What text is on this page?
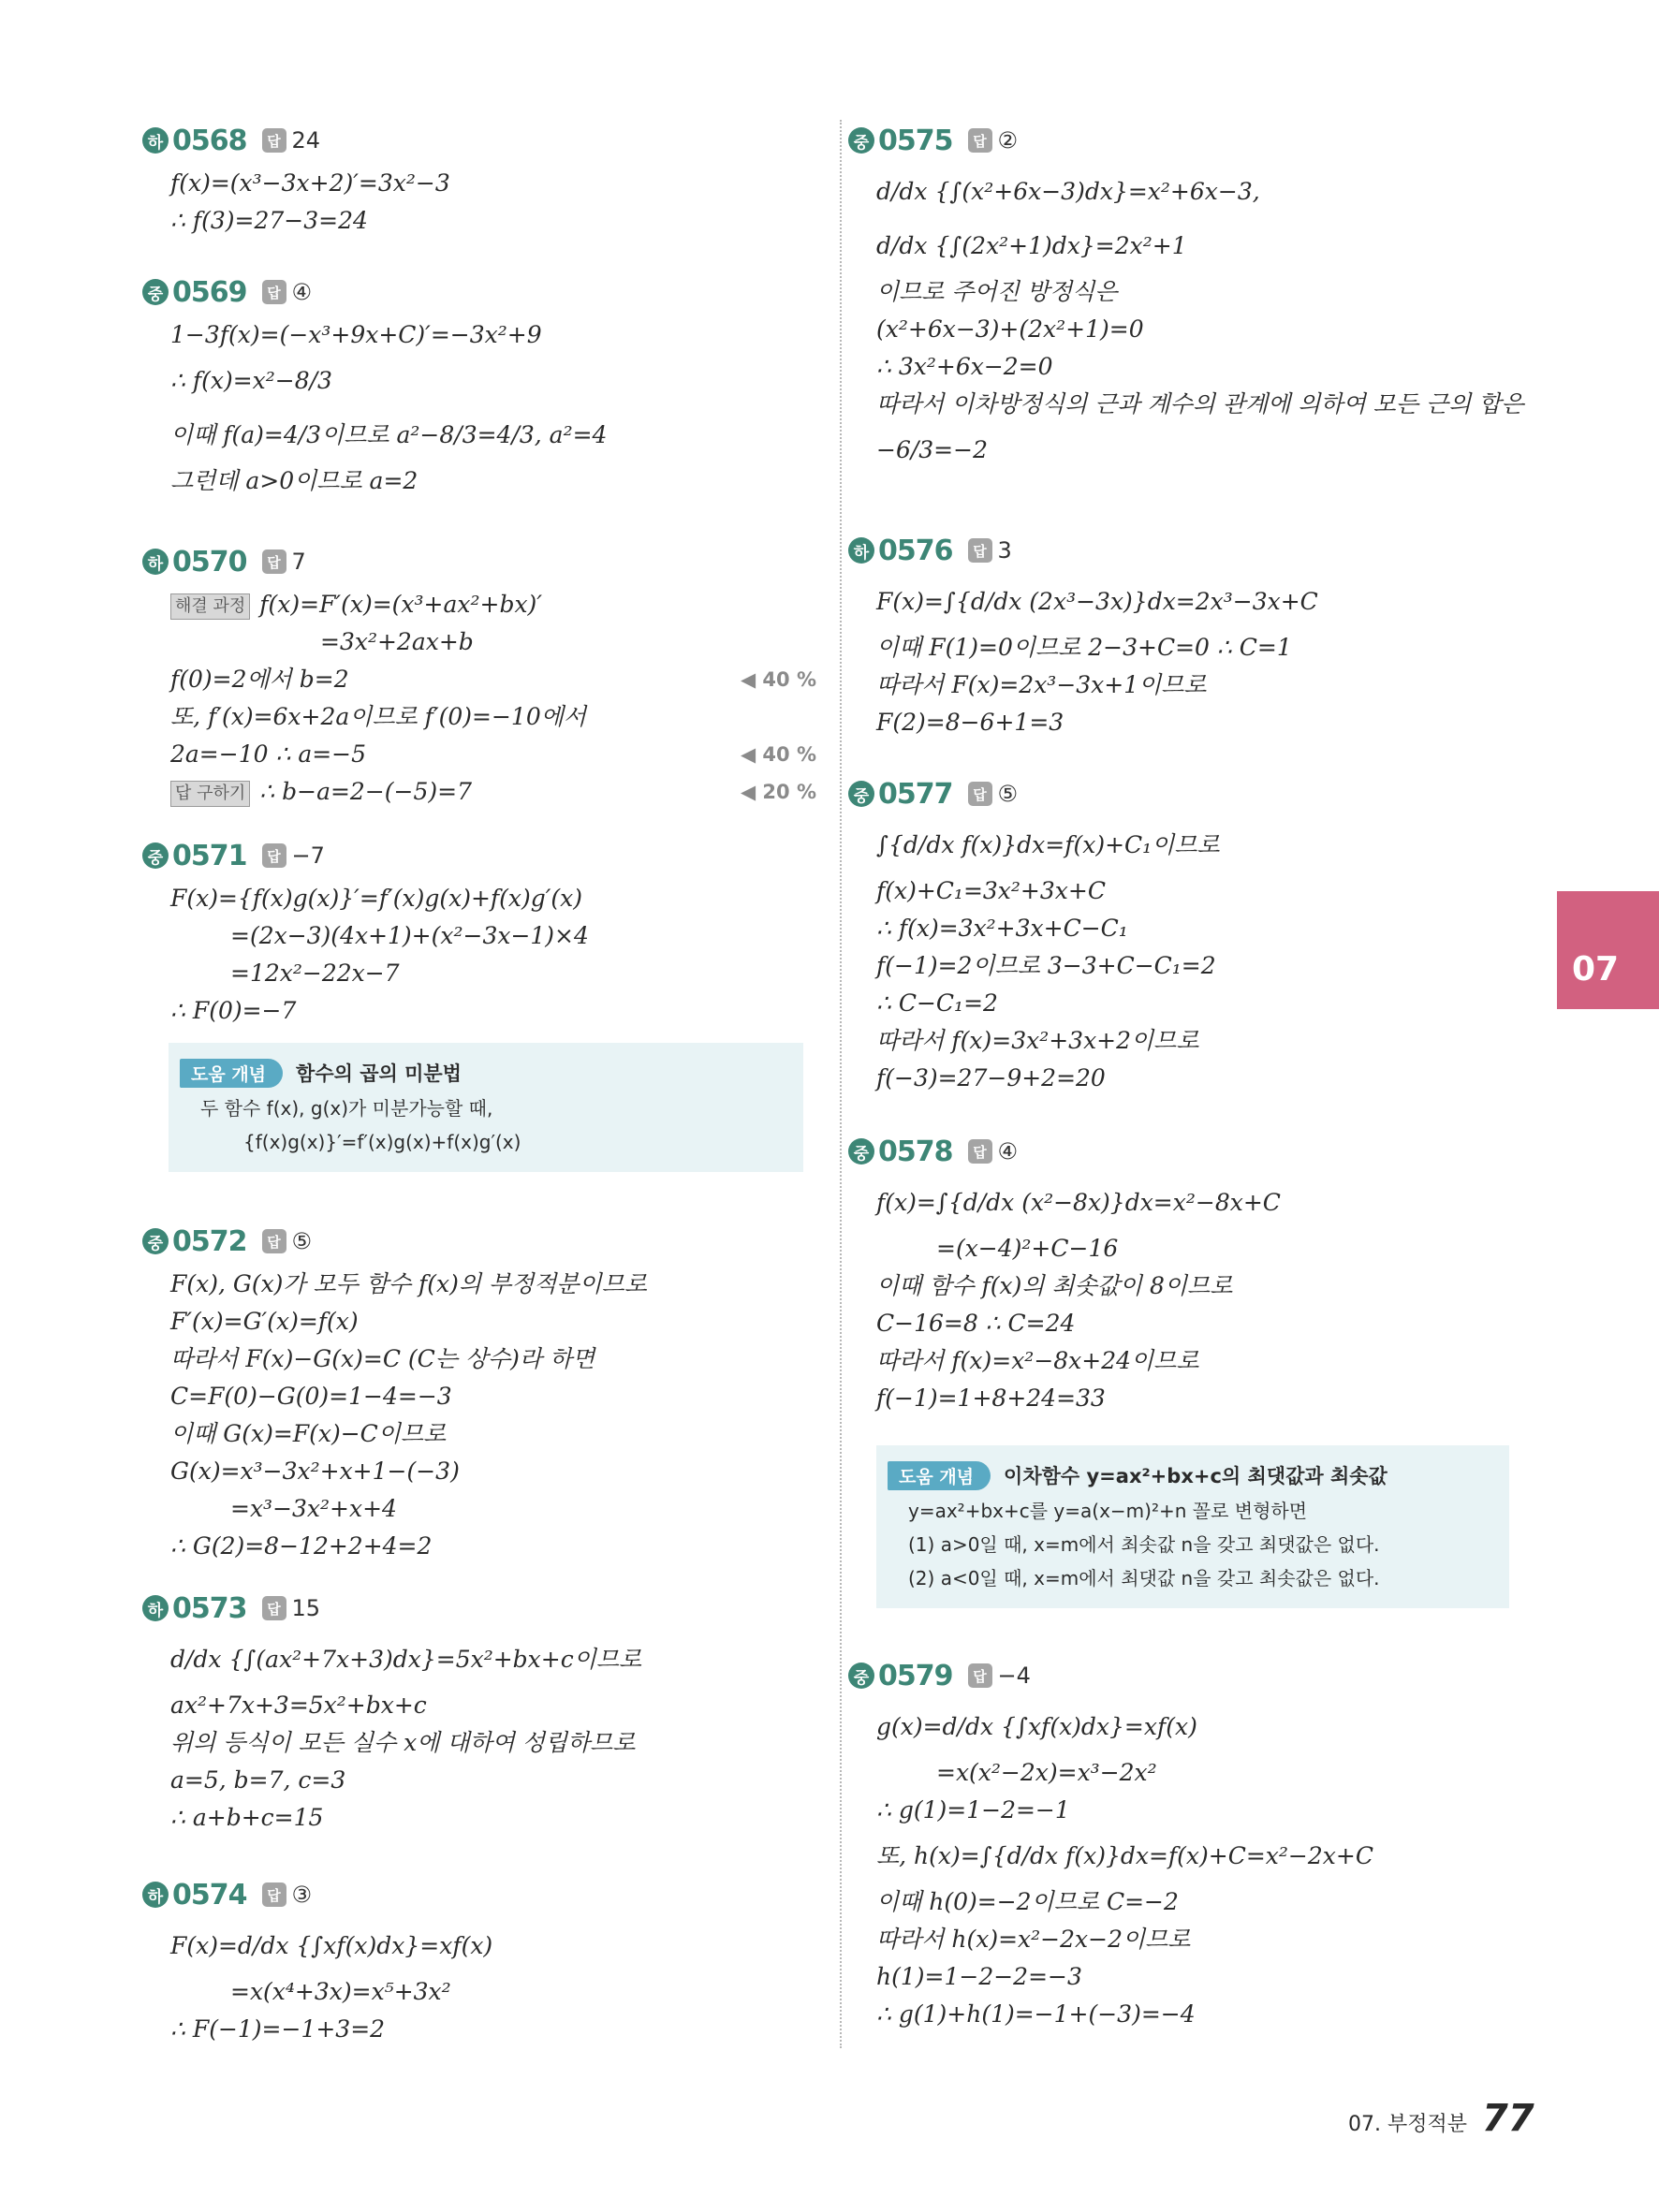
하 0568	답 24
f(x)=(x³−3x+2)′=3x²−3
∴ f(3)=27−3=24
중 0569	답 ④
1−3f(x)=(−x³+9x+C)′=−3x²+9
∴ f(x)=x²−8/3
이때 f(a)=4/3이므로 a²−8/3=4/3, a²=4
그런데 a>0이므로 a=2
하 0570	답 7
해결 과정 f(x)=F′(x)=(x³+ax²+bx)′
=3x²+2ax+b
f(0)=2에서 b=2	◀ 40 %
또, f′(x)=6x+2a이므로 f′(0)=−10에서
2a=−10 ∴ a=−5	◀ 40 %
답 구하기 ∴ b−a=2−(−5)=7	◀ 20 %
중 0571	답 −7
F(x)={f(x)g(x)}′=f′(x)g(x)+f(x)g′(x)
=(2x−3)(4x+1)+(x²−3x−1)×4
=12x²−22x−7
∴ F(0)=−7
도움 개념	함수의 곱의 미분법
두 함수 f(x), g(x)가 미분가능할 때,
{f(x)g(x)}′=f′(x)g(x)+f(x)g′(x)
중 0572	답 ⑤
F(x), G(x)가 모두 함수 f(x)의 부정적분이므로
F′(x)=G′(x)=f(x)
따라서 F(x)−G(x)=C (C는 상수)라 하면
C=F(0)−G(0)=1−4=−3
이때 G(x)=F(x)−C이므로
G(x)=x³−3x²+x+1−(−3)
=x³−3x²+x+4
∴ G(2)=8−12+2+4=2
하 0573	답 15
d/dx {∫(ax²+7x+3)dx}=5x²+bx+c이므로
ax²+7x+3=5x²+bx+c
위의 등식이 모든 실수 x에 대하여 성립하므로
a=5, b=7, c=3
∴ a+b+c=15
하 0574	답 ③
F(x)=d/dx {∫xf(x)dx}=xf(x)
=x(x⁴+3x)=x⁵+3x²
∴ F(−1)=−1+3=2
중 0575	답 ②
d/dx {∫(x²+6x−3)dx}=x²+6x−3,
d/dx {∫(2x²+1)dx}=2x²+1
이므로 주어진 방정식은
(x²+6x−3)+(2x²+1)=0
∴ 3x²+6x−2=0
따라서 이차방정식의 근과 계수의 관계에 의하여 모든 근의 합은
−6/3=−2
하 0576	답 3
F(x)=∫{d/dx (2x³−3x)}dx=2x³−3x+C
이때 F(1)=0이므로 2−3+C=0 ∴ C=1
따라서 F(x)=2x³−3x+1이므로
F(2)=8−6+1=3
중 0577	답 ⑤
∫{d/dx f(x)}dx=f(x)+C₁이므로
f(x)+C₁=3x²+3x+C
∴ f(x)=3x²+3x+C−C₁
f(−1)=2이므로 3−3+C−C₁=2
∴ C−C₁=2
따라서 f(x)=3x²+3x+2이므로
f(−3)=27−9+2=20
중 0578	답 ④
f(x)=∫{d/dx (x²−8x)}dx=x²−8x+C
=(x−4)²+C−16
이때 함수 f(x)의 최솟값이 8이므로
C−16=8 ∴ C=24
따라서 f(x)=x²−8x+24이므로
f(−1)=1+8+24=33
도움 개념	이차함수 y=ax²+bx+c의 최댓값과 최솟값
y=ax²+bx+c를 y=a(x−m)²+n 꼴로 변형하면
(1) a>0일 때, x=m에서 최솟값 n을 갖고 최댓값은 없다.
(2) a<0일 때, x=m에서 최댓값 n을 갖고 최솟값은 없다.
중 0579	답 −4
g(x)=d/dx {∫xf(x)dx}=xf(x)
=x(x²−2x)=x³−2x²
∴ g(1)=1−2=−1
또, h(x)=∫{d/dx f(x)}dx=f(x)+C=x²−2x+C
이때 h(0)=−2이므로 C=−2
따라서 h(x)=x²−2x−2이므로
h(1)=1−2−2=−3
∴ g(1)+h(1)=−1+(−3)=−4
07
07. 부정적분 77
